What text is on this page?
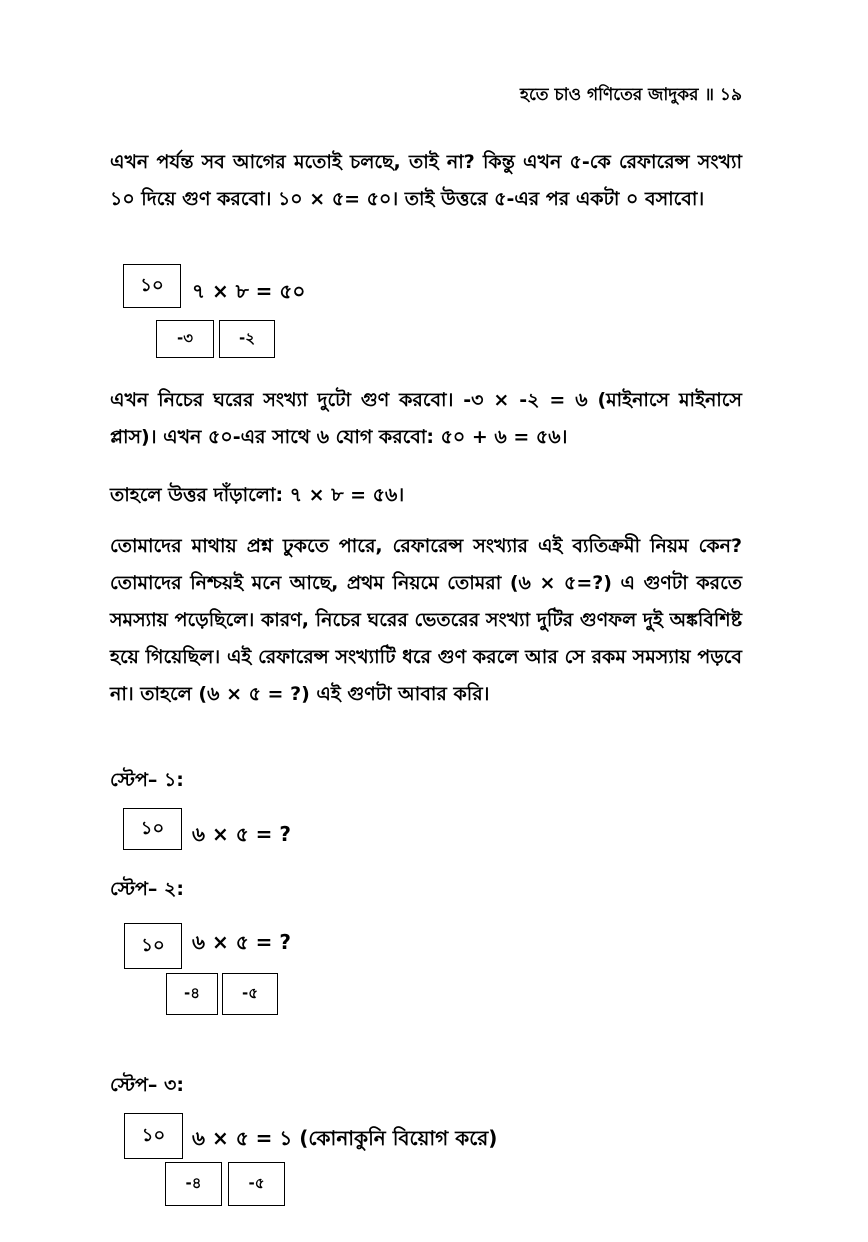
হতে চাও গণিতের জাদুকর ॥ ১৯
এখন পর্যন্ত সব আগের মতোই চলছে, তাই না? কিন্তু এখন ৫-কে রেফারেন্স সংখ্যা ১০ দিয়ে গুণ করবো। ১০ × ৫= ৫০। তাই উত্তরে ৫-এর পর একটা ০ বসাবো।
১০	৭ × ৮ = ৫০
-৩	-২
এখন নিচের ঘরের সংখ্যা দুটো গুণ করবো। -৩ × -২ = ৬ (মাইনাসে মাইনাসে প্লাস)। এখন ৫০-এর সাথে ৬ যোগ করবো: ৫০ + ৬ = ৫৬।
তাহলে উত্তর দাঁড়ালো: ৭ × ৮ = ৫৬।
তোমাদের মাথায় প্রশ্ন ঢুকতে পারে, রেফারেন্স সংখ্যার এই ব্যতিক্রমী নিয়ম কেন? তোমাদের নিশ্চয়ই মনে আছে, প্রথম নিয়মে তোমরা (৬ × ৫=?) এ গুণটা করতে সমস্যায় পড়েছিলে। কারণ, নিচের ঘরের ভেতরের সংখ্যা দুটির গুণফল দুই অঙ্কবিশিষ্ট হয়ে গিয়েছিল। এই রেফারেন্স সংখ্যাটি ধরে গুণ করলে আর সে রকম সমস্যায় পড়বে না। তাহলে (৬ × ৫ = ?) এই গুণটা আবার করি।
স্টেপ– ১:
১০	৬ × ৫ = ?
স্টেপ– ২:
১০	৬ × ৫ = ?
-৪	-৫
স্টেপ– ৩:
১০	৬ × ৫ = ১ (কোনাকুনি বিয়োগ করে)
-৪	-৫
